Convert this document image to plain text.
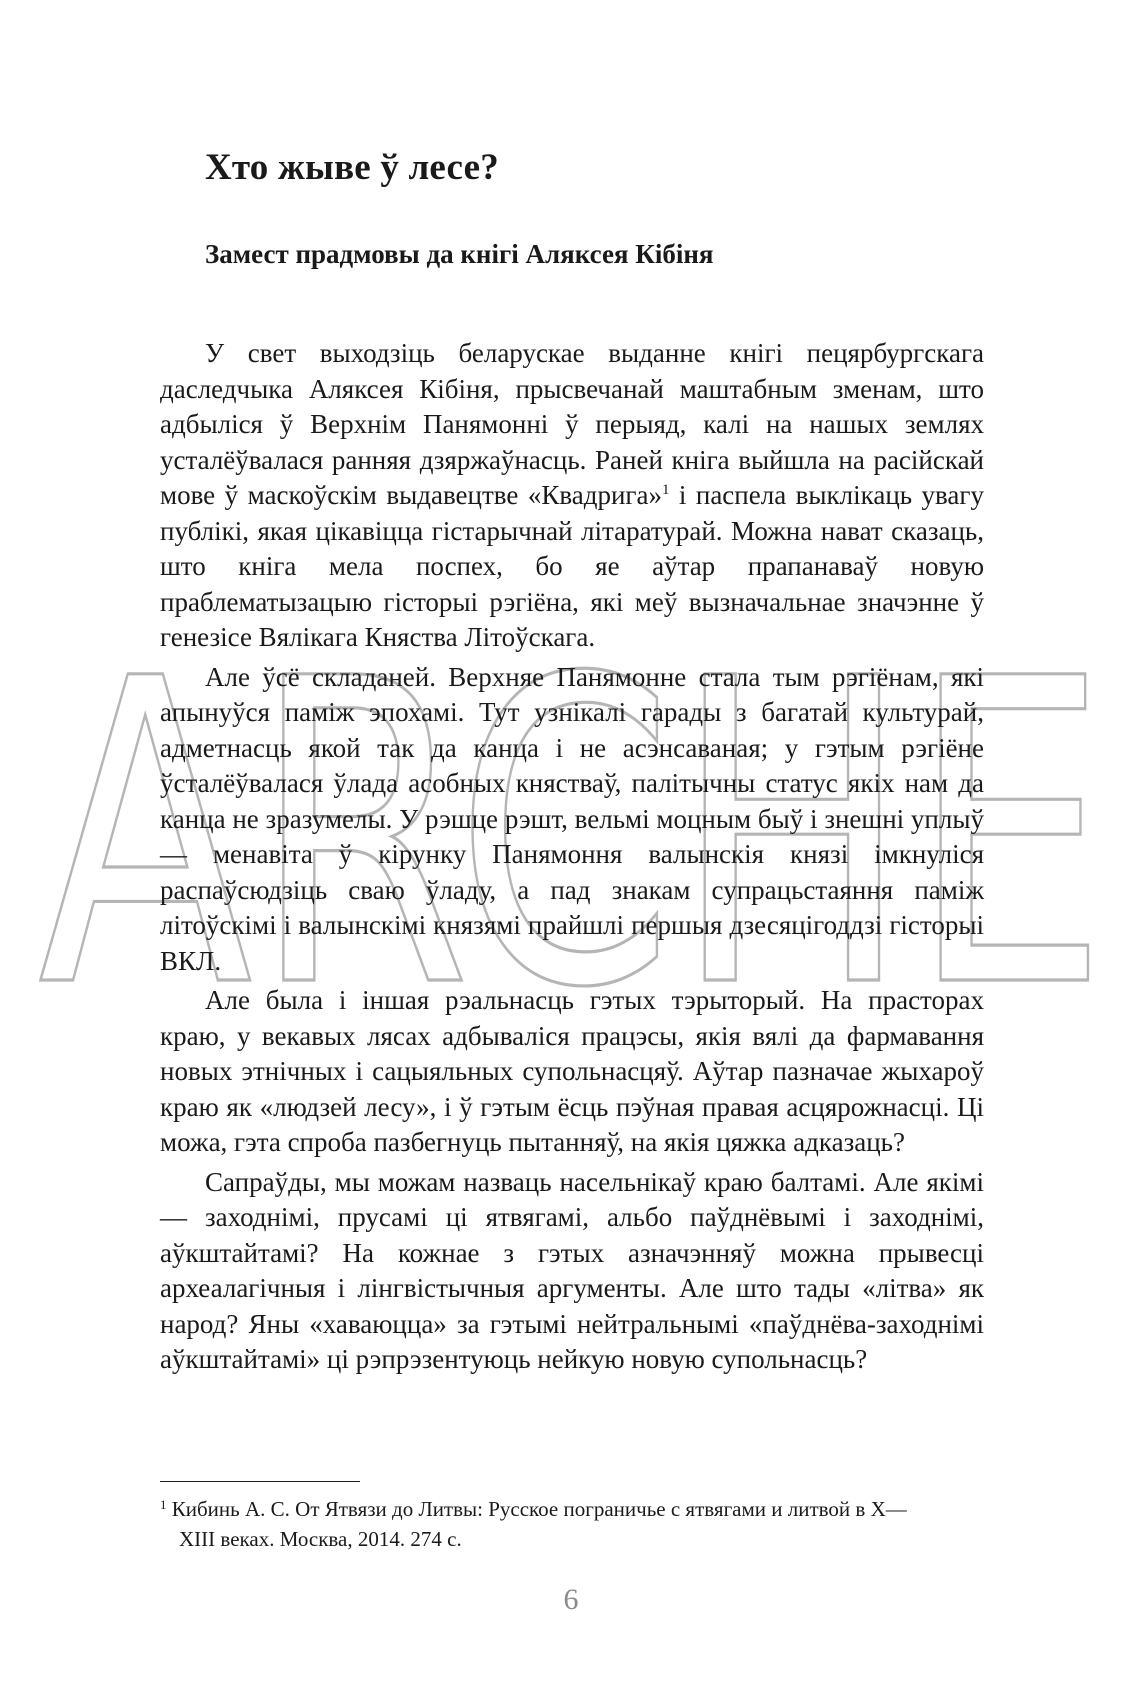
ARCHE
Хто жыве ў лесе?
Замест прадмовы да кнігі Аляксея Кібіня

У свет выходзіць беларускае выданне кнігі пецярбургскага даследчыка Аляксея Кібіня, прысвечанай маштабным зменам, што адбыліся ў Верхнім Панямонні ў перыяд, калі на нашых землях усталёўвалася ранняя дзяржаўнасць. Раней кніга выйшла на расійскай мове ў маскоўскім выдавецтве «Квадрига»$^1$ і паспела выклікаць увагу публікі, якая цікавіцца гістарычнай літаратурай. Можна нават сказаць, што кніга мела поспех, бо яе аўтар прапанаваў новую праблематызацыю гісторыі рэгіёна, які меў вызначальнае значэнне ў генезісе Вялікага Княства Літоўскага.

Але ўсё складаней. Верхняе Панямонне стала тым рэгіёнам, які апынуўся паміж эпохамі. Тут узнікалі гарады з багатай культурай, адметнасць якой так да канца і не асэнсаваная; у гэтым рэгіёне ўсталёўвалася ўлада асобных княстваў, палітычны статус якіх нам да канца не зразумелы. У рэшце рэшт, вельмі моцным быў і знешні уплыў — менавіта ў кірунку Панямоння валынскія князі імкнуліся распаўсюдзіць сваю ўладу, а пад знакам супрацьстаяння паміж літоўскімі і валынскімі князямі прайшлі першыя дзесяцігоддзі гісторыі ВКЛ.

Але была і іншая рэальнасць гэтых тэрыторый. На прасторах краю, у векавых лясах адбываліся працэсы, якія вялі да фармавання новых этнічных і сацыяльных супольнасцяў. Аўтар пазначае жыхароў краю як «людзей лесу», і ў гэтым ёсць пэўная правая асцярожнасці. Ці можа, гэта спроба пазбегнуць пытанняў, на якія цяжка адказаць?

Сапраўды, мы можам назваць насельнікаў краю балтамі. Але якімі — заходнімі, прусамі ці ятвягамі, альбо паўднёвымі і заходнімі, аўкштайтамі? На кожнае з гэтых азначэнняў можна прывесці археалагічныя і лінгвістычныя аргументы. Але што тады «літва» як народ? Яны «хаваюцца» за гэтымі нейтральнымі «паўднёва-заходнімі аўкштайтамі» ці рэпрэзентуюць нейкую новую супольнасць?

$^1$ Кибинь А. С. От Ятвязи до Литвы: Русское пограничье с ятвягами и литвой в X—
XIII веках. Москва, 2014. 274 с.
6
